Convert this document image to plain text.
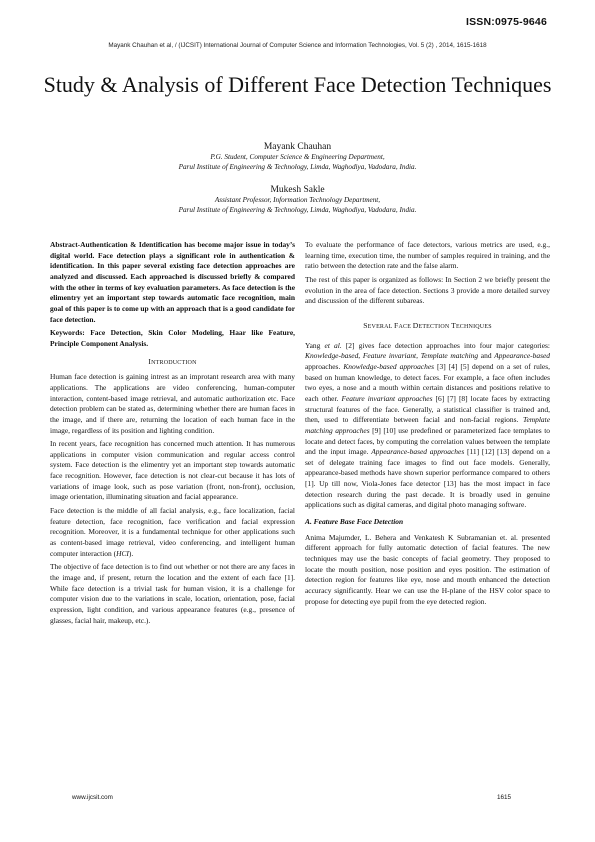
ISSN:0975-9646
Mayank Chauhan et al, / (IJCSIT) International Journal of Computer Science and Information Technologies, Vol. 5 (2) , 2014, 1615-1618
Study & Analysis of Different Face Detection Techniques
Mayank Chauhan
P.G. Student, Computer Science & Engineering Department,
Parul Institute of Engineering & Technology, Limda, Waghodiya, Vadodara, India.
Mukesh Sakle
Assistant Professor, Information Technology Department,
Parul Institute of Engineering & Technology, Limda, Waghodiya, Vadodara, India.

Abstract-Authentication & Identification has become major issue in today’s digital world. Face detection plays a significant role in authentication & identification. In this paper several existing face detection approaches are analyzed and discussed. Each approached is discussed briefly & compared with the other in terms of key evaluation parameters. As face detection is the elimentry yet an important step towards automatic face recognition, main goal of this paper is to come up with an approach that is a good candidate for face detection.

Keywords: Face Detection, Skin Color Modeling, Haar like Feature, Principle Component Analysis.

INTRODUCTION

Human face detection is gaining intrest as an improtant research area with many applications. The applications are video conferencing, human-computer interaction, content-based image retrieval, and automatic authorization etc. Face detection problem can be stated as, determining whether there are human faces in the image, and if there are, returning the location of each human face in the image, regardless of its position and lighting condition.

In recent years, face recognition has concerned much attention. It has numerous applications in computer vision communication and regular access control system. Face detection is the elimentry yet an important step towards automatic face recognition. However, face detection is not clear-cut because it has lots of variations of image look, such as pose variation (front, non-front), occlusion, image orientation, illuminating situation and facial appearance.

Face detection is the middle of all facial analysis, e.g., face localization, facial feature detection, face recognition, face verification and facial expression recognition. Moreover, it is a fundamental technique for other applications such as content-based image retrieval, video conferencing, and intelligent human computer interaction (HCI).

The objective of face detection is to find out whether or not there are any faces in the image and, if present, return the location and the extent of each face [1]. While face detection is a trivial task for human vision, it is a challenge for computer vision due to the variations in scale, location, orientation, pose, facial expression, light condition, and various appearance features (e.g., presence of glasses, facial hair, makeup, etc.).

To evaluate the performance of face detectors, various metrics are used, e.g., learning time, execution time, the number of samples required in training, and the ratio between the detection rate and the false alarm.

The rest of this paper is organized as follows: In Section 2 we briefly present the evolution in the area of face detection. Sections 3 provide a more detailed survey and discussion of the different subareas.

SEVERAL FACE DETECTION TECHNIQUES

Yang et al. [2] gives face detection approaches into four major categories: Knowledge-based, Feature invariant, Template matching and Appearance-based approaches. Knowledge-based approaches [3] [4] [5] depend on a set of rules, based on human knowledge, to detect faces. For example, a face often includes two eyes, a nose and a mouth within certain distances and positions relative to each other. Feature invariant approaches [6] [7] [8] locate faces by extracting structural features of the face. Generally, a statistical classifier is trained and, then, used to differentiate between facial and non-facial regions. Template matching approaches [9] [10] use predefined or parameterized face templates to locate and detect faces, by computing the correlation values between the template and the input image. Appearance-based approaches [11] [12] [13] depend on a set of delegate training face images to find out face models. Generally, appearance-based methods have shown superior performance compared to others [1]. Up till now, Viola-Jones face detector [13] has the most impact in face detection research during the past decade. It is broadly used in genuine applications such as digital cameras, and digital photo managing software.

A. Feature Base Face Detection

Anima Majumder, L. Behera and Venkatesh K Subramanian et. al. presented different approach for fully automatic detection of facial features. The new techniques may use the basic concepts of facial geometry. They proposed to locate the mouth position, nose position and eyes position. The estimation of detection region for features like eye, nose and mouth enhanced the detection accuracy significantly. Hear we can use the H-plane of the HSV color space to propose for detecting eye pupil from the eye detected region.

www.ijcsit.com	1615
